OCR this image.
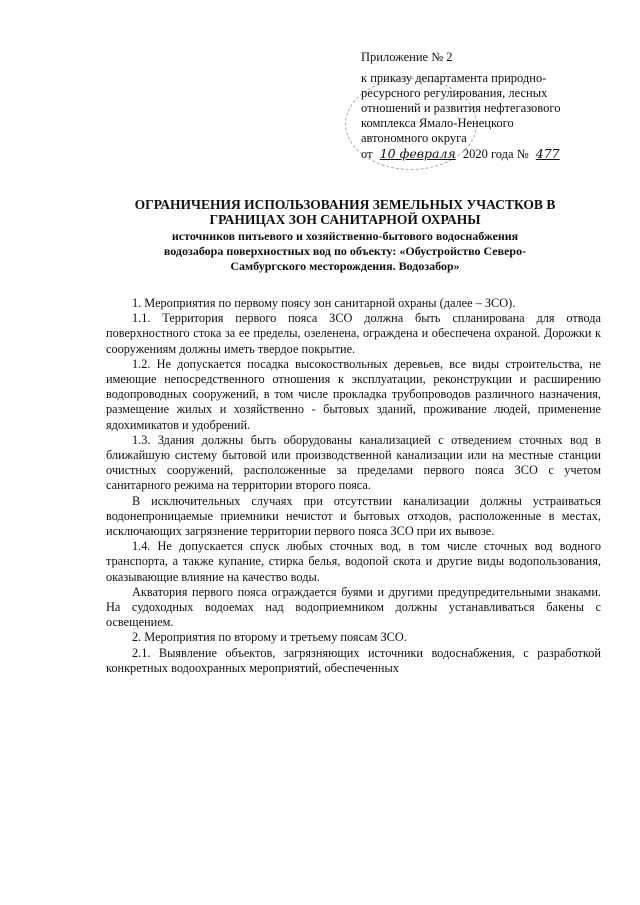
Приложение № 2
к приказу департамента природно-
ресурсного регулирования, лесных
отношений и развития нефтегазового
комплекса Ямало-Ненецкого
автономного округа
от 10 февраля 2020 года № 477
ОГРАНИЧЕНИЯ ИСПОЛЬЗОВАНИЯ ЗЕМЕЛЬНЫХ УЧАСТКОВ В
ГРАНИЦАХ ЗОН САНИТАРНОЙ ОХРАНЫ
источников питьевого и хозяйственно-бытового водоснабжения
водозабора поверхностных вод по объекту: «Обустройство Северо-
Самбургского месторождения. Водозабор»

1. Мероприятия по первому поясу зон санитарной охраны (далее – ЗСО).

1.1. Территория первого пояса ЗСО должна быть спланирована для отвода поверхностного стока за ее пределы, озеленена, ограждена и обеспечена охраной. Дорожки к сооружениям должны иметь твердое покрытие.

1.2. Не допускается посадка высокоствольных деревьев, все виды строительства, не имеющие непосредственного отношения к эксплуатации, реконструкции и расширению водопроводных сооружений, в том числе прокладка трубопроводов различного назначения, размещение жилых и хозяйственно - бытовых зданий, проживание людей, применение ядохимикатов и удобрений.

1.3. Здания должны быть оборудованы канализацией с отведением сточных вод в ближайшую систему бытовой или производственной канализации или на местные станции очистных сооружений, расположенные за пределами первого пояса ЗСО с учетом санитарного режима на территории второго пояса.

В исключительных случаях при отсутствии канализации должны устраиваться водонепроницаемые приемники нечистот и бытовых отходов, расположенные в местах, исключающих загрязнение территории первого пояса ЗСО при их вывозе.

1.4. Не допускается спуск любых сточных вод, в том числе сточных вод водного транспорта, а также купание, стирка белья, водопой скота и другие виды водопользования, оказывающие влияние на качество воды.

Акватория первого пояса ограждается буями и другими предупредительными знаками. На судоходных водоемах над водоприемником должны устанавливаться бакены с освещением.

2. Мероприятия по второму и третьему поясам ЗСО.

2.1. Выявление объектов, загрязняющих источники водоснабжения, с разработкой конкретных водоохранных мероприятий, обеспеченных
